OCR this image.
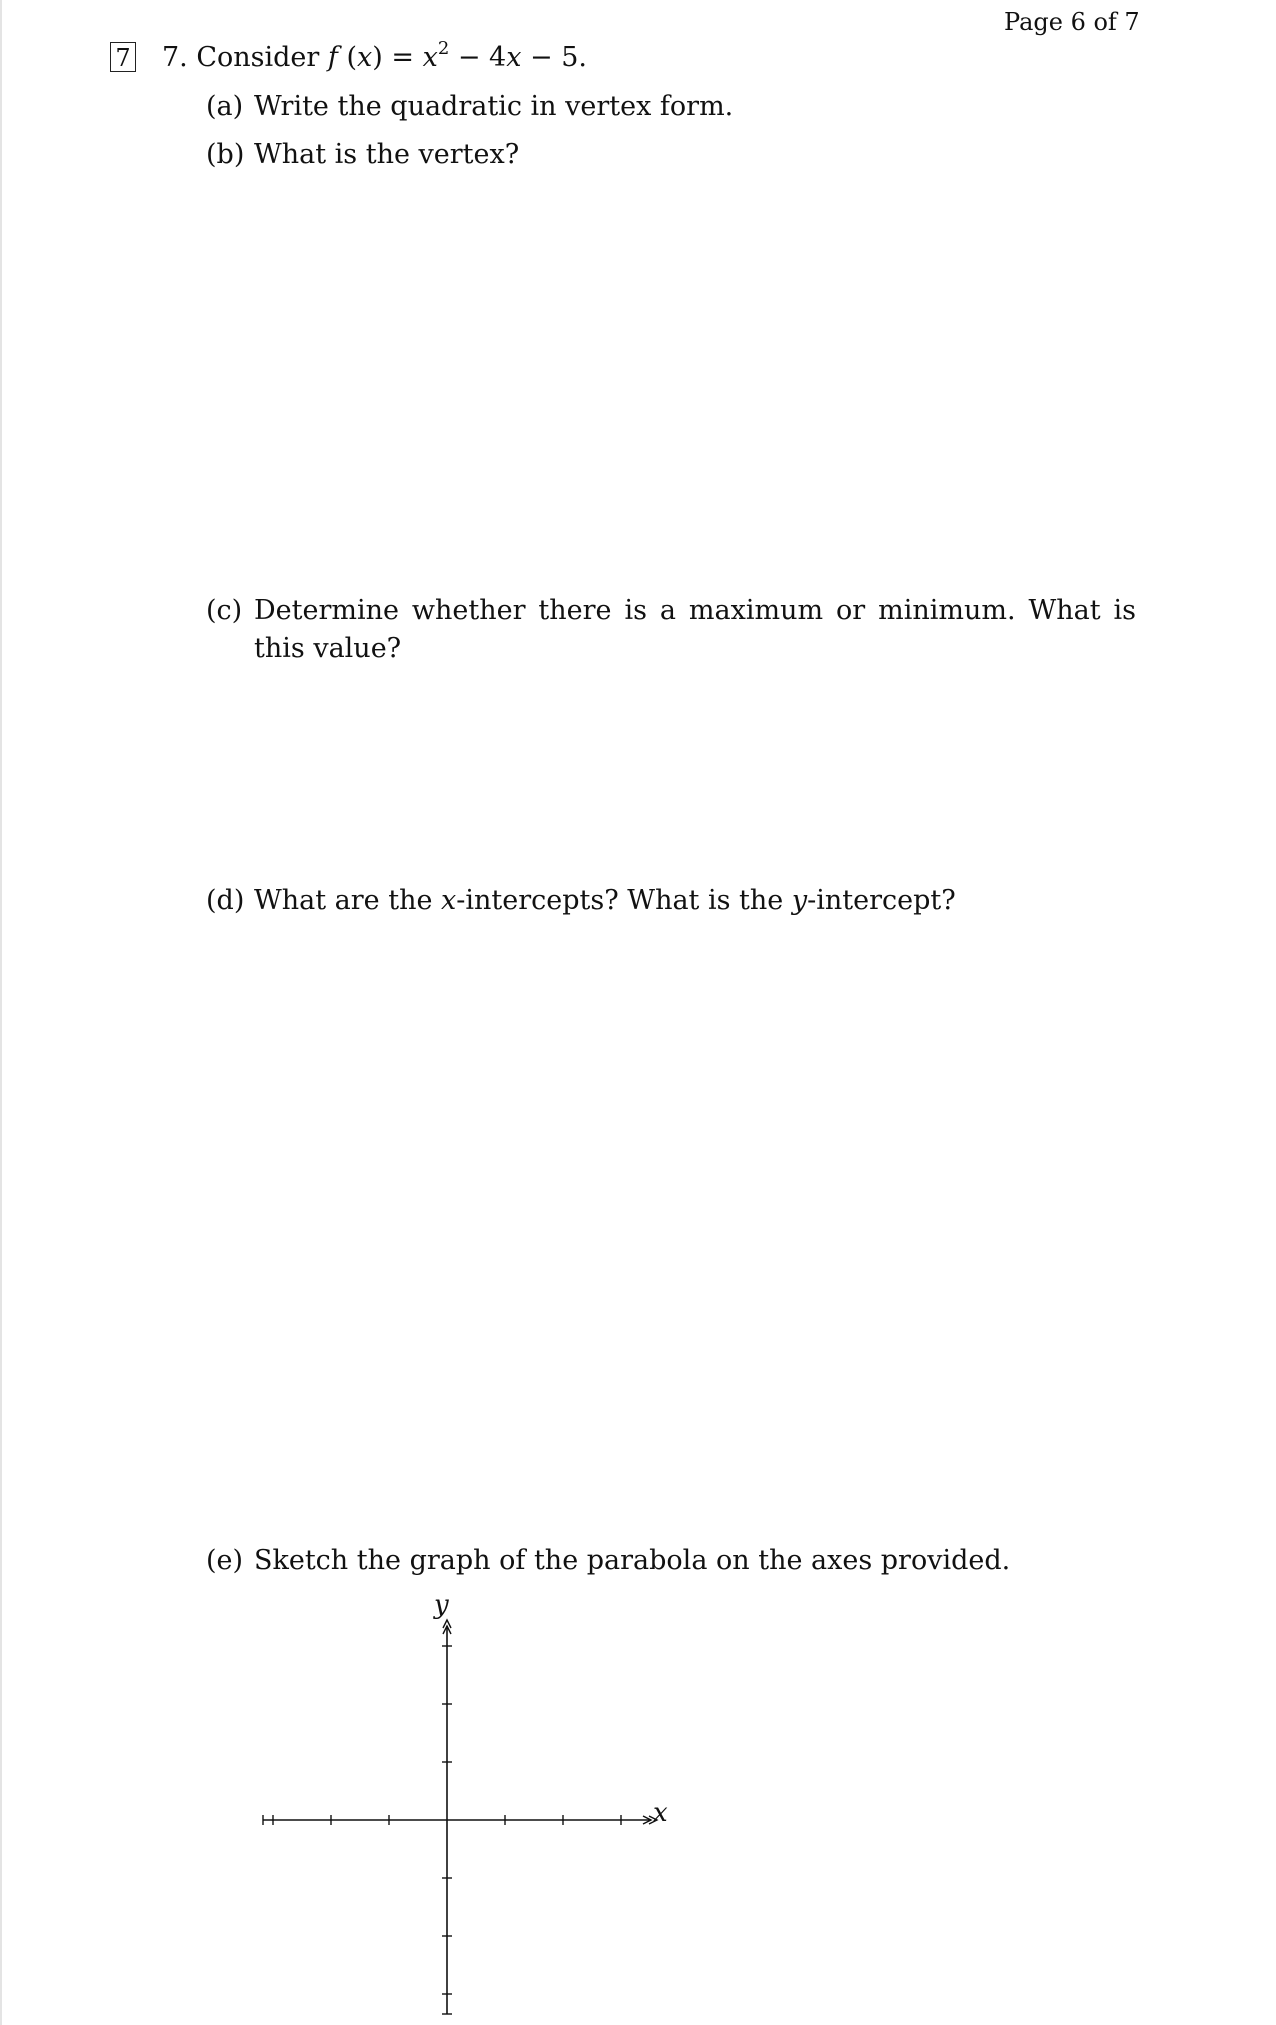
Page 6 of 7
7 7. Consider f $(x) = x^2 - 4x - 5$.
(a) Write the quadratic in vertex form.
(b) What is the vertex?
(c) Determine whether there is a maximum or minimum. What is this value?
(d) What are the x-intercepts? What is the y-intercept?
(e) Sketch the graph of the parabola on the axes provided.
y
x
